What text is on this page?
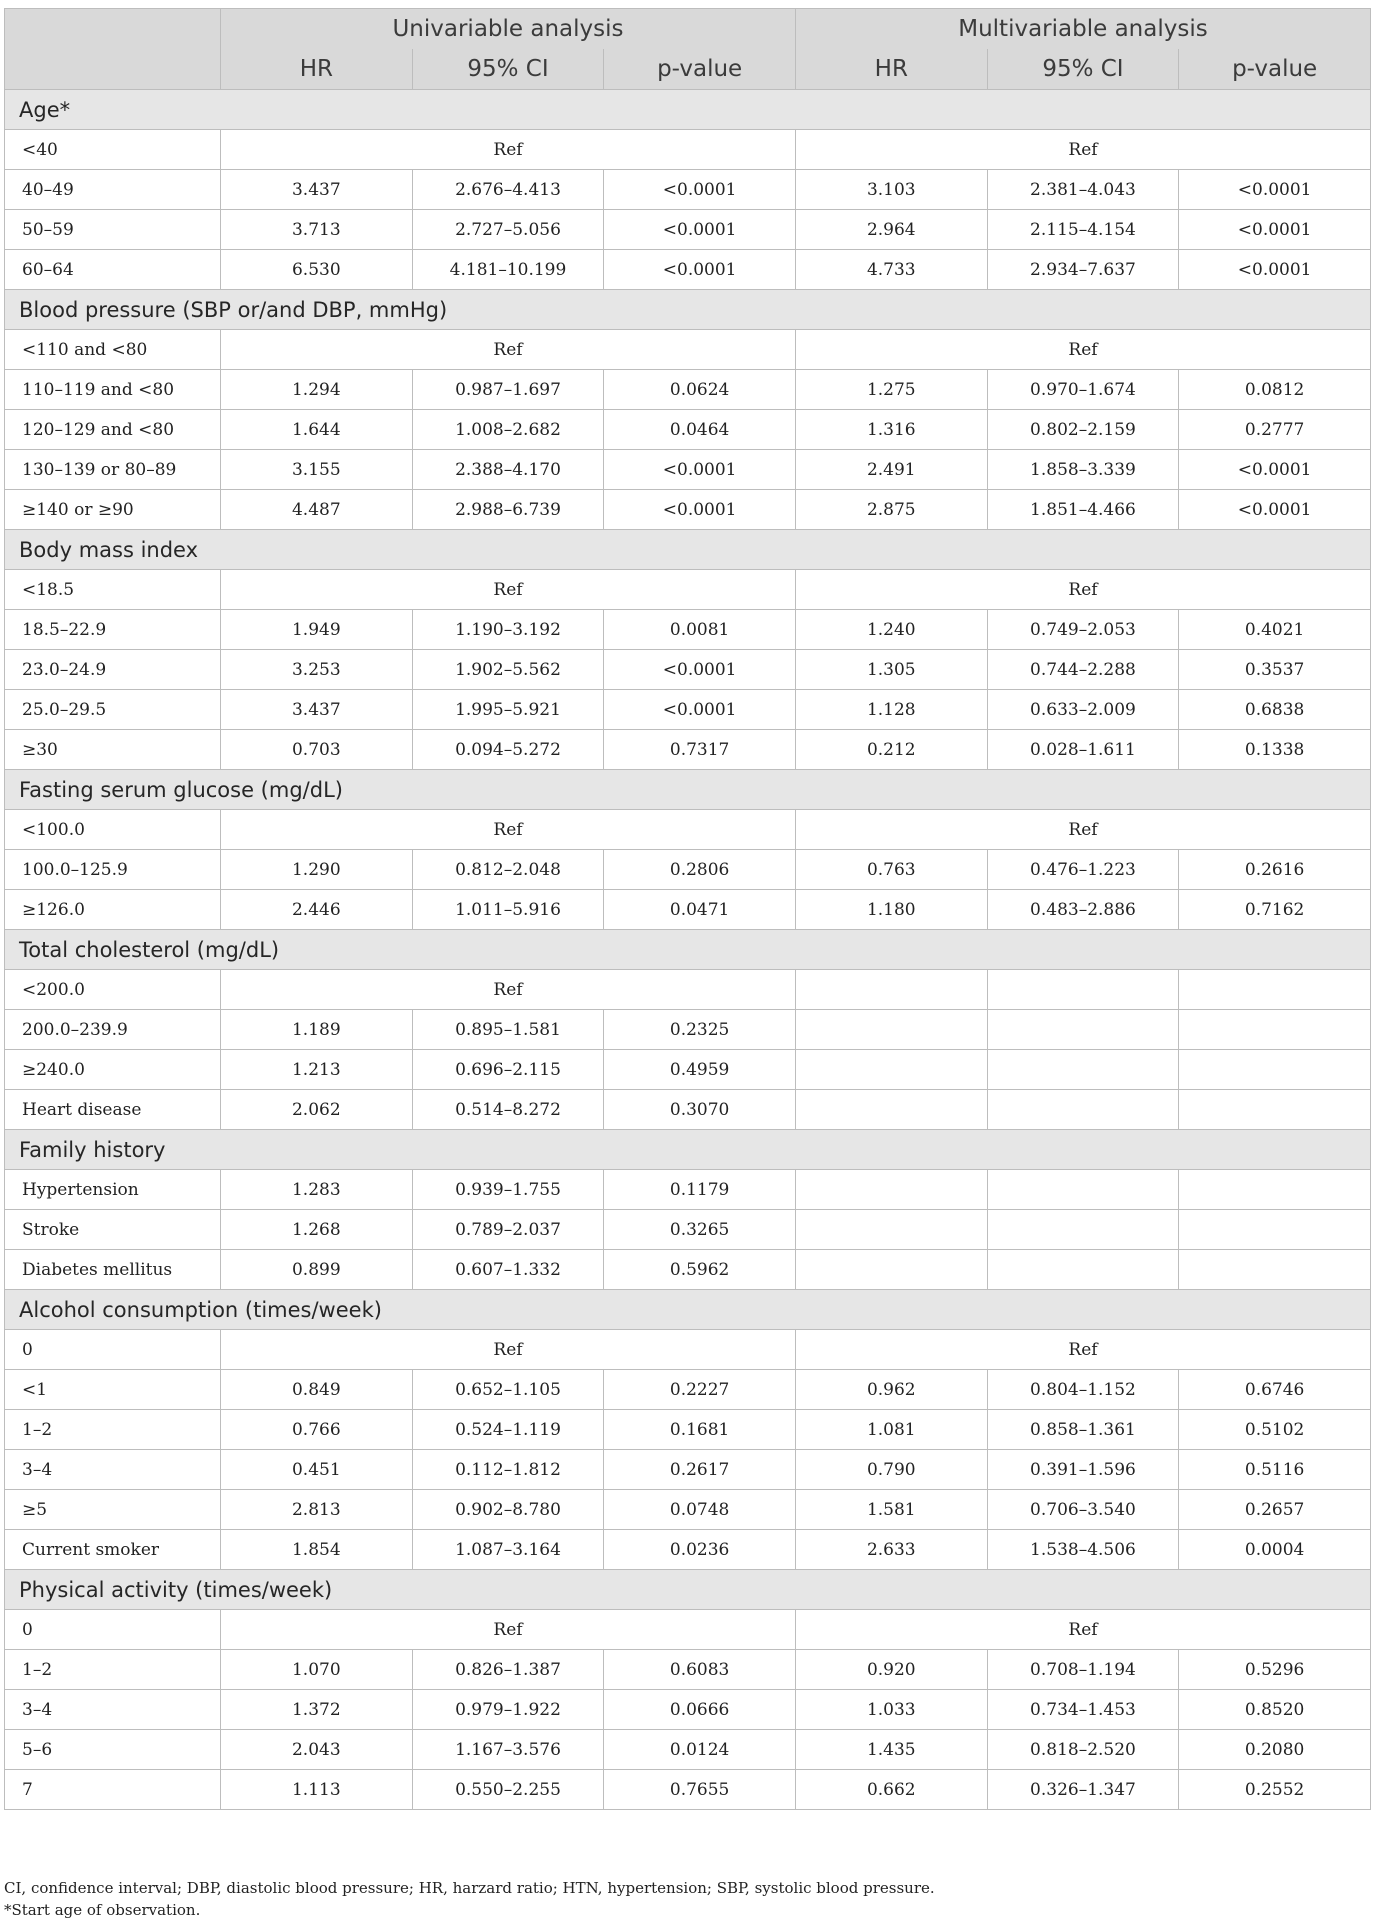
	Univariable analysis			Multivariable analysis		
	HR	95% CI	p-value	HR	95% CI	p-value
Age*						
<40	Ref			Ref		
40–49	3.437	2.676–4.413	<0.0001	3.103	2.381–4.043	<0.0001
50–59	3.713	2.727–5.056	<0.0001	2.964	2.115–4.154	<0.0001
60–64	6.530	4.181–10.199	<0.0001	4.733	2.934–7.637	<0.0001
Blood pressure (SBP or/and DBP, mmHg)						
<110 and <80	Ref			Ref		
110–119 and <80	1.294	0.987–1.697	0.0624	1.275	0.970–1.674	0.0812
120–129 and <80	1.644	1.008–2.682	0.0464	1.316	0.802–2.159	0.2777
130–139 or 80–89	3.155	2.388–4.170	<0.0001	2.491	1.858–3.339	<0.0001
≥140 or ≥90	4.487	2.988–6.739	<0.0001	2.875	1.851–4.466	<0.0001
Body mass index						
<18.5	Ref			Ref		
18.5–22.9	1.949	1.190–3.192	0.0081	1.240	0.749–2.053	0.4021
23.0–24.9	3.253	1.902–5.562	<0.0001	1.305	0.744–2.288	0.3537
25.0–29.5	3.437	1.995–5.921	<0.0001	1.128	0.633–2.009	0.6838
≥30	0.703	0.094–5.272	0.7317	0.212	0.028–1.611	0.1338
Fasting serum glucose (mg/dL)						
<100.0	Ref			Ref		
100.0–125.9	1.290	0.812–2.048	0.2806	0.763	0.476–1.223	0.2616
≥126.0	2.446	1.011–5.916	0.0471	1.180	0.483–2.886	0.7162
Total cholesterol (mg/dL)						
<200.0	Ref					
200.0–239.9	1.189	0.895–1.581	0.2325			
≥240.0	1.213	0.696–2.115	0.4959			
Heart disease	2.062	0.514–8.272	0.3070			
Family history						
Hypertension	1.283	0.939–1.755	0.1179			
Stroke	1.268	0.789–2.037	0.3265			
Diabetes mellitus	0.899	0.607–1.332	0.5962			
Alcohol consumption (times/week)						
0	Ref			Ref		
<1	0.849	0.652–1.105	0.2227	0.962	0.804–1.152	0.6746
1–2	0.766	0.524–1.119	0.1681	1.081	0.858–1.361	0.5102
3–4	0.451	0.112–1.812	0.2617	0.790	0.391–1.596	0.5116
≥5	2.813	0.902–8.780	0.0748	1.581	0.706–3.540	0.2657
Current smoker	1.854	1.087–3.164	0.0236	2.633	1.538–4.506	0.0004
Physical activity (times/week)						
0	Ref			Ref		
1–2	1.070	0.826–1.387	0.6083	0.920	0.708–1.194	0.5296
3–4	1.372	0.979–1.922	0.0666	1.033	0.734–1.453	0.8520
5–6	2.043	1.167–3.576	0.0124	1.435	0.818–2.520	0.2080
7	1.113	0.550–2.255	0.7655	0.662	0.326–1.347	0.2552
CI, confidence interval; DBP, diastolic blood pressure; HR, harzard ratio; HTN, hypertension; SBP, systolic blood pressure.
*Start age of observation.
